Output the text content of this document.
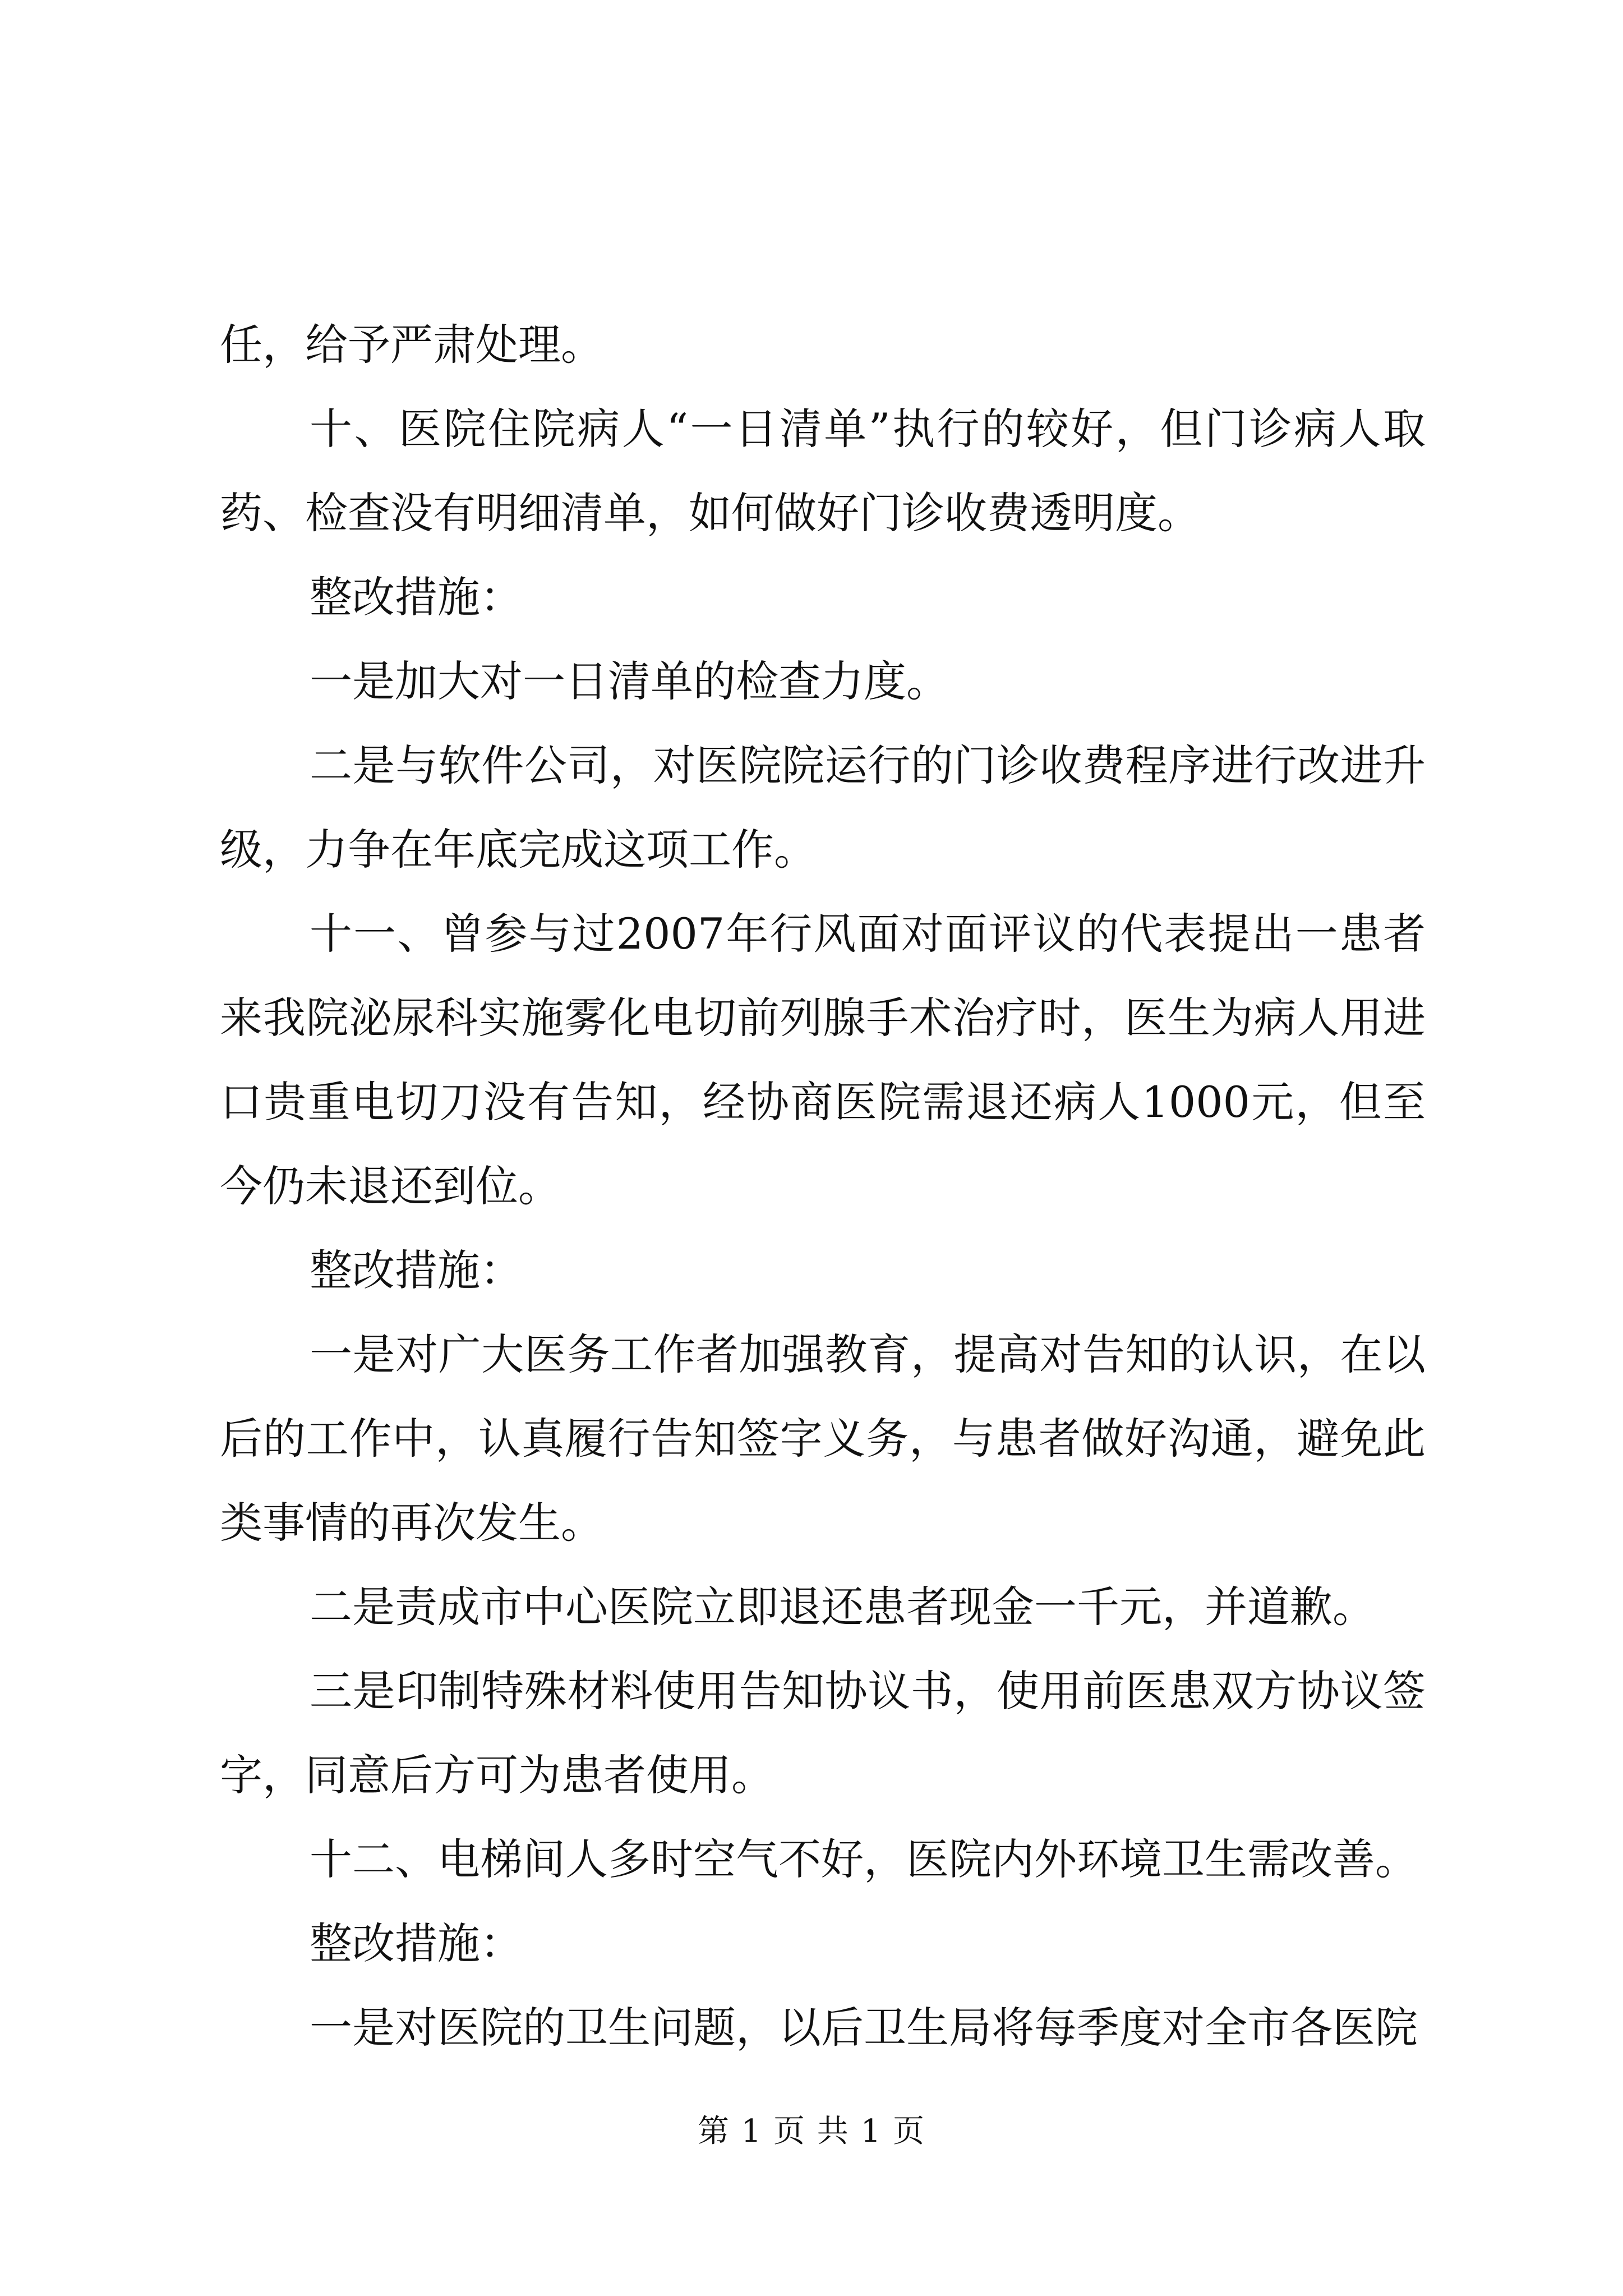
任，给予严肃处理。

十、医院住院病人“一日清单”执行的较好，但门诊病人取药、检查没有明细清单，如何做好门诊收费透明度。

整改措施：

一是加大对一日清单的检查力度。

二是与软件公司，对医院院运行的门诊收费程序进行改进升级，力争在年底完成这项工作。

十一、曾参与过2007年行风面对面评议的代表提出一患者来我院泌尿科实施雾化电切前列腺手术治疗时，医生为病人用进口贵重电切刀没有告知，经协商医院需退还病人1000元，但至今仍未退还到位。

整改措施：

一是对广大医务工作者加强教育，提高对告知的认识，在以后的工作中，认真履行告知签字义务，与患者做好沟通，避免此类事情的再次发生。

二是责成市中心医院立即退还患者现金一千元，并道歉。

三是印制特殊材料使用告知协议书，使用前医患双方协议签字，同意后方可为患者使用。

十二、电梯间人多时空气不好，医院内外环境卫生需改善。

整改措施：

一是对医院的卫生问题，以后卫生局将每季度对全市各医院

第 1 页 共 1 页
